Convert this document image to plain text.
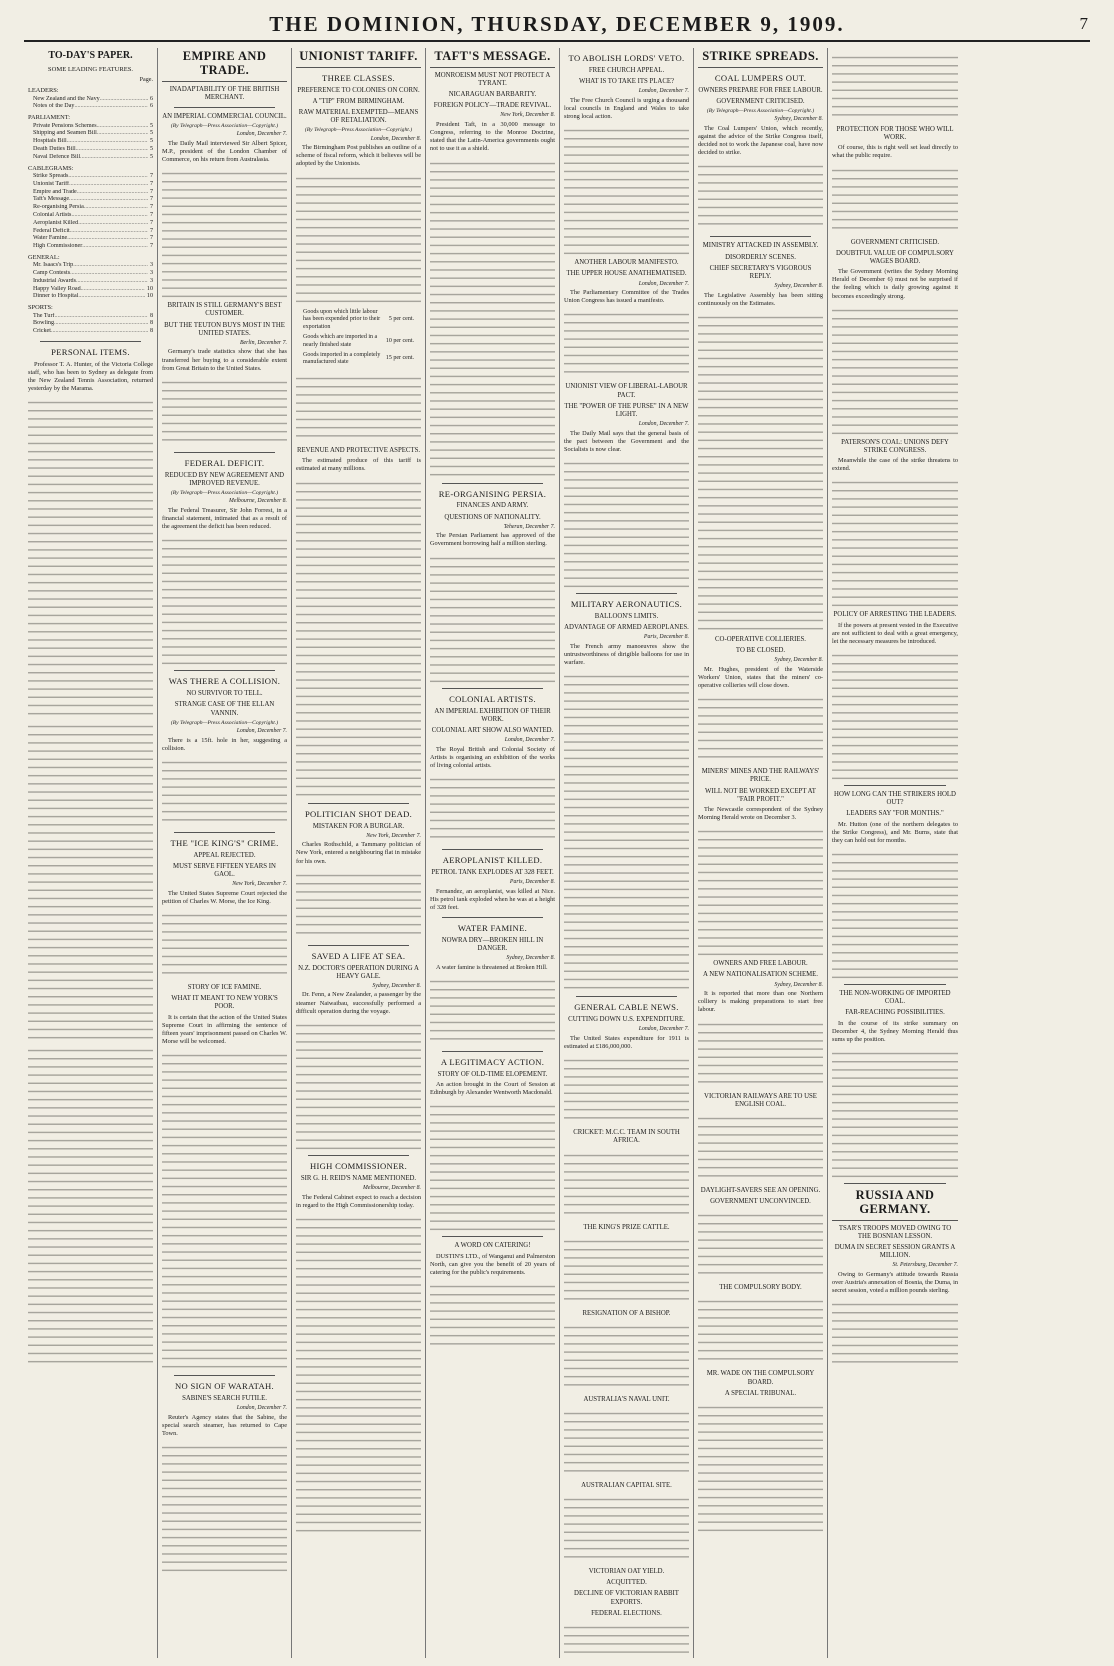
THE DOMINION, THURSDAY, DECEMBER 9, 1909.	7
TO-DAY'S PAPER.
SOME LEADING FEATURES.
Page.
LEADERS:
New Zealand and the Navy .....	6
Notes of the Day .....	6
PARLIAMENT:
Private Pensions Schemes .....	5
Shipping and Seamen Bill .....	5
Hospitals Bill .....	5
Death Duties Bill .....	5
Naval Defence Bill .....	5
CABLEGRAMS:
Strike Spreads .....	7
Unionist Tariff .....	7
Empire and Trade .....	7
Taft's Message .....	7
Re-organising Persia .....	7
Colonial Artists .....	7
Aeroplanist Killed .....	7
Federal Deficit .....	7
Water Famine .....	7
High Commissioner .....	7
GENERAL:
Mr. Isaacs's Trip .....	3
Camp Contests .....	3
Industrial Awards .....	3
Happy Valley Road .....	10
Dinner to Hospital .....	10
SPORTS:
The Turf .....	8
Bowling .....	8
Cricket .....	8
PERSONAL ITEMS.

Professor T. A. Hunter, of the Victoria College staff, who has been to Sydney as delegate from the New Zealand Tennis Association, returned yesterday by the Marama.

EMPIRE AND TRADE.
INADAPTABILITY OF THE BRITISH MERCHANT.
AN IMPERIAL COMMERCIAL COUNCIL.
(By Telegraph—Press Association—Copyright.)
London, December 7.

The Daily Mail interviewed Sir Albert Spicer, M.P., president of the London Chamber of Commerce, on his return from Australasia.

BRITAIN IS STILL GERMANY'S BEST CUSTOMER.
BUT THE TEUTON BUYS MOST IN THE UNITED STATES.
Berlin, December 7.

Germany's trade statistics show that she has transferred her buying to a considerable extent from Great Britain to the United States.

FEDERAL DEFICIT.
REDUCED BY NEW AGREEMENT AND IMPROVED REVENUE.
(By Telegraph—Press Association—Copyright.)
Melbourne, December 8.

The Federal Treasurer, Sir John Forrest, in a financial statement, intimated that as a result of the agreement the deficit has been reduced.

WAS THERE A COLLISION.
NO SURVIVOR TO TELL.
STRANGE CASE OF THE ELLAN VANNIN.
(By Telegraph—Press Association—Copyright.)
London, December 7.

There is a 15ft. hole in her, suggesting a collision.

THE "ICE KING'S" CRIME.
APPEAL REJECTED.
MUST SERVE FIFTEEN YEARS IN GAOL.
New York, December 7.

The United States Supreme Court rejected the petition of Charles W. Morse, the Ice King.

STORY OF ICE FAMINE.
WHAT IT MEANT TO NEW YORK'S POOR.

It is certain that the action of the United States Supreme Court in affirming the sentence of fifteen years' imprisonment passed on Charles W. Morse will be welcomed.

NO SIGN OF WARATAH.
SABINE'S SEARCH FUTILE.
London, December 7.

Reuter's Agency states that the Sabine, the special search steamer, has returned to Cape Town.

UNIONIST TARIFF.
THREE CLASSES.
PREFERENCE TO COLONIES ON CORN.
A "TIP" FROM BIRMINGHAM.
RAW MATERIAL EXEMPTED—MEANS OF RETALIATION.
(By Telegraph—Press Association—Copyright.)
London, December 8.

The Birmingham Post publishes an outline of a scheme of fiscal reform, which it believes will be adopted by the Unionists.

Goods upon which little labour has been expended prior to their exportation	5 per cent.
Goods which are imported in a nearly finished state	10 per cent.
Goods imported in a completely manufactured state	15 per cent.
REVENUE AND PROTECTIVE ASPECTS.

The estimated produce of this tariff is estimated at many millions.

POLITICIAN SHOT DEAD.
MISTAKEN FOR A BURGLAR.
New York, December 7.

Charles Rothschild, a Tammany politician of New York, entered a neighbouring flat in mistake for his own.

SAVED A LIFE AT SEA.
N.Z. DOCTOR'S OPERATION DURING A HEAVY GALE.
Sydney, December 8.

Dr. Fenn, a New Zealander, a passenger by the steamer Naiwaibau, successfully performed a difficult operation during the voyage.

HIGH COMMISSIONER.
SIR G. H. REID'S NAME MENTIONED.
Melbourne, December 8.

The Federal Cabinet expect to reach a decision in regard to the High Commissionership today.

TAFT'S MESSAGE.
MONROEISM MUST NOT PROTECT A TYRANT.
NICARAGUAN BARBARITY.
FOREIGN POLICY—TRADE REVIVAL.
New York, December 8.

President Taft, in a 30,000 message to Congress, referring to the Monroe Doctrine, stated that the Latin-America governments ought not to use it as a shield.

RE-ORGANISING PERSIA.
FINANCES AND ARMY.
QUESTIONS OF NATIONALITY.
Teheran, December 7.

The Persian Parliament has approved of the Government borrowing half a million sterling.

COLONIAL ARTISTS.
AN IMPERIAL EXHIBITION OF THEIR WORK.
COLONIAL ART SHOW ALSO WANTED.
London, December 7.

The Royal British and Colonial Society of Artists is organising an exhibition of the works of living colonial artists.

AEROPLANIST KILLED.
PETROL TANK EXPLODES AT 328 FEET.
Paris, December 8.

Fernandez, an aeroplanist, was killed at Nice. His petrol tank exploded when he was at a height of 328 feet.

WATER FAMINE.
NOWRA DRY—BROKEN HILL IN DANGER.
Sydney, December 8.

A water famine is threatened at Broken Hill.

A LEGITIMACY ACTION.
STORY OF OLD-TIME ELOPEMENT.

An action brought in the Court of Session at Edinburgh by Alexander Wentworth Macdonald.

A WORD ON CATERING!

DUSTIN'S LTD., of Wanganui and Palmerston North, can give you the benefit of 20 years of catering for the public's requirements.

TO ABOLISH LORDS' VETO.
FREE CHURCH APPEAL.
WHAT IS TO TAKE ITS PLACE?
London, December 7.

The Free Church Council is urging a thousand local councils in England and Wales to take strong local action.

ANOTHER LABOUR MANIFESTO.
THE UPPER HOUSE ANATHEMATISED.
London, December 7.

The Parliamentary Committee of the Trades Union Congress has issued a manifesto.

UNIONIST VIEW OF LIBERAL-LABOUR PACT.
THE "POWER OF THE PURSE" IN A NEW LIGHT.
London, December 7.

The Daily Mail says that the general basis of the pact between the Government and the Socialists is now clear.

MILITARY AERONAUTICS.
BALLOON'S LIMITS.
ADVANTAGE OF ARMED AEROPLANES.
Paris, December 8.

The French army manoeuvres show the untrustworthiness of dirigible balloons for use in warfare.

GENERAL CABLE NEWS.
CUTTING DOWN U.S. EXPENDITURE.
London, December 7.

The United States expenditure for 1911 is estimated at £186,000,000.

CRICKET: M.C.C. TEAM IN SOUTH AFRICA.
THE KING'S PRIZE CATTLE.
RESIGNATION OF A BISHOP.
AUSTRALIA'S NAVAL UNIT.
AUSTRALIAN CAPITAL SITE.
VICTORIAN OAT YIELD.
ACQUITTED.
DECLINE OF VICTORIAN RABBIT EXPORTS.
FEDERAL ELECTIONS.
STRIKE SPREADS.
COAL LUMPERS OUT.
OWNERS PREPARE FOR FREE LABOUR.
GOVERNMENT CRITICISED.
(By Telegraph—Press Association—Copyright.)
Sydney, December 8.

The Coal Lumpers' Union, which recently, against the advice of the Strike Congress itself, decided not to work the Japanese coal, have now decided to strike.

MINISTRY ATTACKED IN ASSEMBLY.
DISORDERLY SCENES.
CHIEF SECRETARY'S VIGOROUS REPLY.
Sydney, December 8.

The Legislative Assembly has been sitting continuously on the Estimates.

CO-OPERATIVE COLLIERIES.
TO BE CLOSED.
Sydney, December 8.

Mr. Hughes, president of the Waterside Workers' Union, states that the miners' co-operative collieries will close down.

MINERS' MINES AND THE RAILWAYS' PRICE.
WILL NOT BE WORKED EXCEPT AT "FAIR PROFIT."

The Newcastle correspondent of the Sydney Morning Herald wrote on December 3.

OWNERS AND FREE LABOUR.
A NEW NATIONALISATION SCHEME.
Sydney, December 8.

It is reported that more than one Northern colliery is making preparations to start free labour.

VICTORIAN RAILWAYS ARE TO USE ENGLISH COAL.
DAYLIGHT-SAVERS SEE AN OPENING.
GOVERNMENT UNCONVINCED.
THE COMPULSORY BODY.
MR. WADE ON THE COMPULSORY BOARD.
A SPECIAL TRIBUNAL.
PROTECTION FOR THOSE WHO WILL WORK.

Of course, this is right well set lead directly to what the public require.

GOVERNMENT CRITICISED.
DOUBTFUL VALUE OF COMPULSORY WAGES BOARD.

The Government (writes the Sydney Morning Herald of December 6) must not be surprised if the feeling which is daily growing against it becomes exceedingly strong.

PATERSON'S COAL: UNIONS DEFY STRIKE CONGRESS.

Meanwhile the case of the strike threatens to extend.

POLICY OF ARRESTING THE LEADERS.

If the powers at present vested in the Executive are not sufficient to deal with a great emergency, let the necessary measures be introduced.

HOW LONG CAN THE STRIKERS HOLD OUT?
LEADERS SAY "FOR MONTHS."

Mr. Hutton (one of the northern delegates to the Strike Congress), and Mr. Burns, state that they can hold out for months.

THE NON-WORKING OF IMPORTED COAL.
FAR-REACHING POSSIBILITIES.

In the course of its strike summary on December 4, the Sydney Morning Herald thus sums up the position.

RUSSIA AND GERMANY.
TSAR'S TROOPS MOVED OWING TO THE BOSNIAN LESSON.
DUMA IN SECRET SESSION GRANTS A MILLION.
St. Petersburg, December 7.

Owing to Germany's attitude towards Russia over Austria's annexation of Bosnia, the Duma, in secret session, voted a million pounds sterling.
